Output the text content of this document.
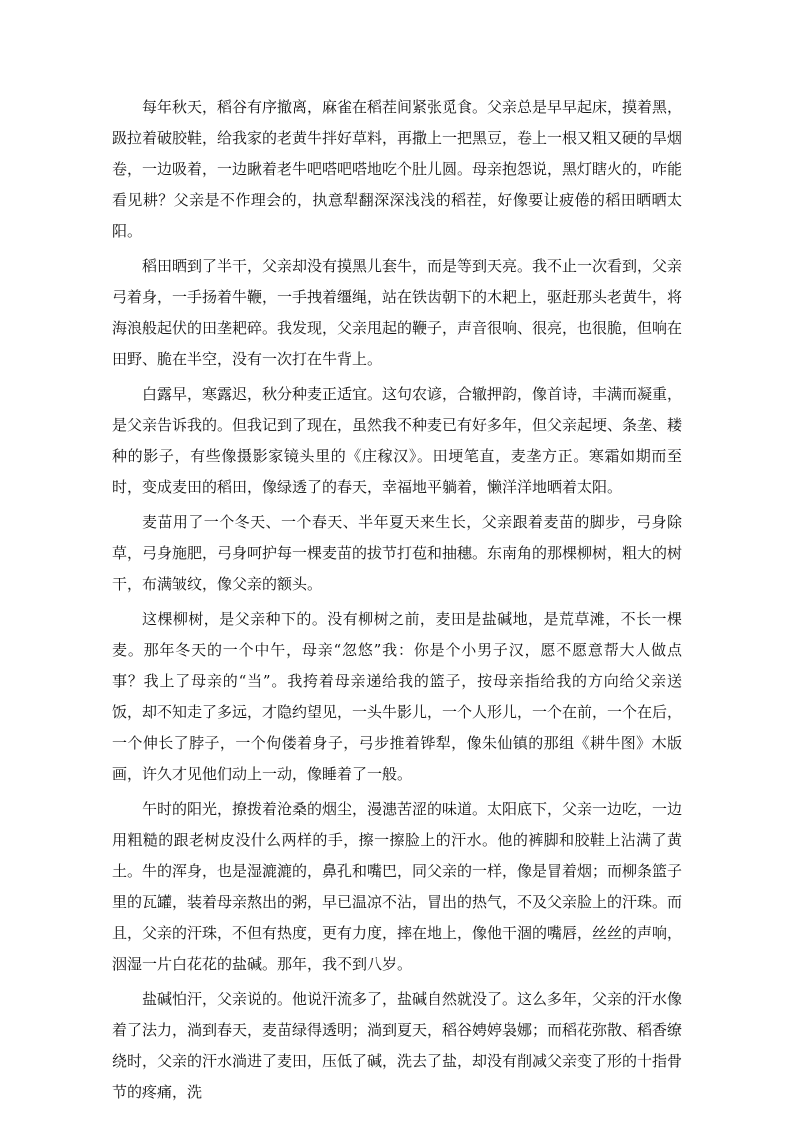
每年秋天，稻谷有序撤离，麻雀在稻茬间紧张觅食。父亲总是早早起床，摸着黑，趿拉着破胶鞋，给我家的老黄牛拌好草料，再撒上一把黑豆，卷上一根又粗又硬的旱烟卷，一边吸着，一边瞅着老牛吧嗒吧嗒地吃个肚儿圆。母亲抱怨说，黑灯瞎火的，咋能看见耕？父亲是不作理会的，执意犁翻深深浅浅的稻茬，好像要让疲倦的稻田晒晒太阳。

稻田晒到了半干，父亲却没有摸黑儿套牛，而是等到天亮。我不止一次看到，父亲弓着身，一手扬着牛鞭，一手拽着缰绳，站在铁齿朝下的木耙上，驱赶那头老黄牛，将海浪般起伏的田垄耙碎。我发现，父亲甩起的鞭子，声音很响、很亮，也很脆，但响在田野、脆在半空，没有一次打在牛背上。

白露早，寒露迟，秋分种麦正适宜。这句农谚，合辙押韵，像首诗，丰满而凝重，是父亲告诉我的。但我记到了现在，虽然我不种麦已有好多年，但父亲起埂、条垄、耧种的影子，有些像摄影家镜头里的《庄稼汉》。田埂笔直，麦垄方正。寒霜如期而至时，变成麦田的稻田，像绿透了的春天，幸福地平躺着，懒洋洋地晒着太阳。

麦苗用了一个冬天、一个春天、半年夏天来生长，父亲跟着麦苗的脚步，弓身除草，弓身施肥，弓身呵护每一棵麦苗的拔节打苞和抽穗。东南角的那棵柳树，粗大的树干，布满皱纹，像父亲的额头。

这棵柳树，是父亲种下的。没有柳树之前，麦田是盐碱地，是荒草滩，不长一棵麦。那年冬天的一个中午，母亲“忽悠”我：你是个小男子汉，愿不愿意帮大人做点事？我上了母亲的“当”。我挎着母亲递给我的篮子，按母亲指给我的方向给父亲送饭，却不知走了多远，才隐约望见，一头牛影儿，一个人形儿，一个在前，一个在后，一个伸长了脖子，一个佝偻着身子，弓步推着铧犁，像朱仙镇的那组《耕牛图》木版画，许久才见他们动上一动，像睡着了一般。

午时的阳光，撩拨着沧桑的烟尘，漫漶苦涩的味道。太阳底下，父亲一边吃，一边用粗糙的跟老树皮没什么两样的手，擦一擦脸上的汗水。他的裤脚和胶鞋上沾满了黄土。牛的浑身，也是湿漉漉的，鼻孔和嘴巴，同父亲的一样，像是冒着烟；而柳条篮子里的瓦罐，装着母亲熬出的粥，早已温凉不沾，冒出的热气，不及父亲脸上的汗珠。而且，父亲的汗珠，不但有热度，更有力度，摔在地上，像他干涸的嘴唇，丝丝的声响，洇湿一片白花花的盐碱。那年，我不到八岁。

盐碱怕汗，父亲说的。他说汗流多了，盐碱自然就没了。这么多年，父亲的汗水像着了法力，淌到春天，麦苗绿得透明；淌到夏天，稻谷娉婷袅娜；而稻花弥散、稻香缭绕时，父亲的汗水淌进了麦田，压低了碱，洗去了盐，却没有削减父亲变了形的十指骨节的疼痛，洗
